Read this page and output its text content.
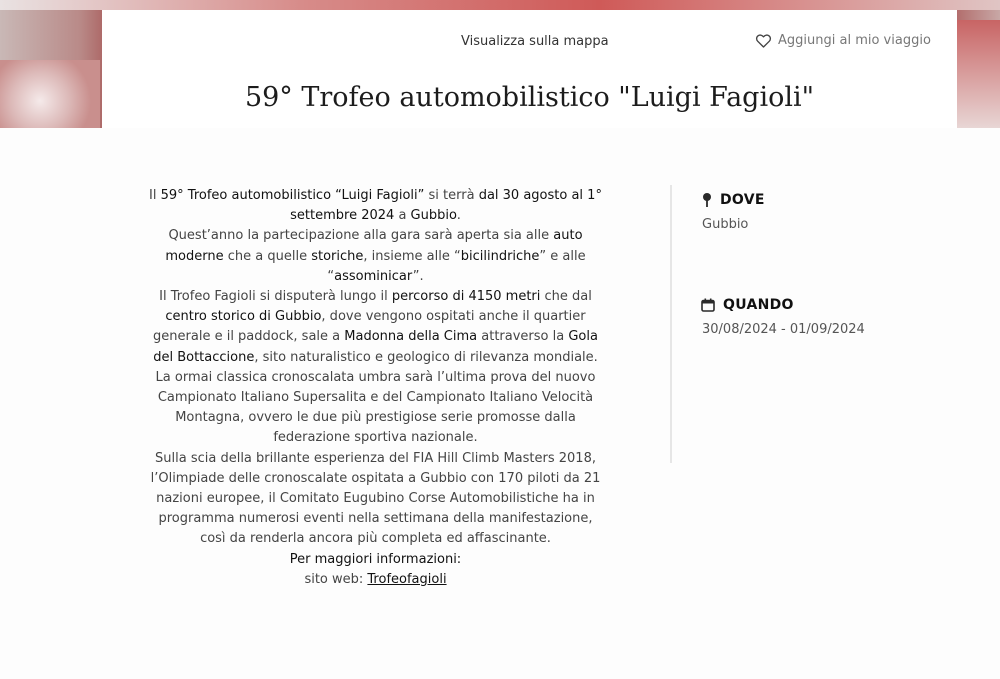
Visualizza sulla mappa	Aggiungi al mio viaggio
59° Trofeo automobilistico "Luigi Fagioli"
Il 59° Trofeo automobilistico “Luigi Fagioli” si terrà dal 30 agosto al 1° settembre 2024 a Gubbio.
Quest’anno la partecipazione alla gara sarà aperta sia alle auto moderne che a quelle storiche, insieme alle “bicilindriche” e alle “assominicar”.
Il Trofeo Fagioli si disputerà lungo il percorso di 4150 metri che dal centro storico di Gubbio, dove vengono ospitati anche il quartier generale e il paddock, sale a Madonna della Cima attraverso la Gola del Bottaccione, sito naturalistico e geologico di rilevanza mondiale.
La ormai classica cronoscalata umbra sarà l’ultima prova del nuovo Campionato Italiano Supersalita e del Campionato Italiano Velocità Montagna, ovvero le due più prestigiose serie promosse dalla federazione sportiva nazionale.
Sulla scia della brillante esperienza del FIA Hill Climb Masters 2018, l’Olimpiade delle cronoscalate ospitata a Gubbio con 170 piloti da 21 nazioni europee, il Comitato Eugubino Corse Automobilistiche ha in programma numerosi eventi nella settimana della manifestazione, così da renderla ancora più completa ed affascinante.
Per maggiori informazioni:
sito web: Trofeofagioli
DOVE
Gubbio
QUANDO
30/08/2024 - 01/09/2024
